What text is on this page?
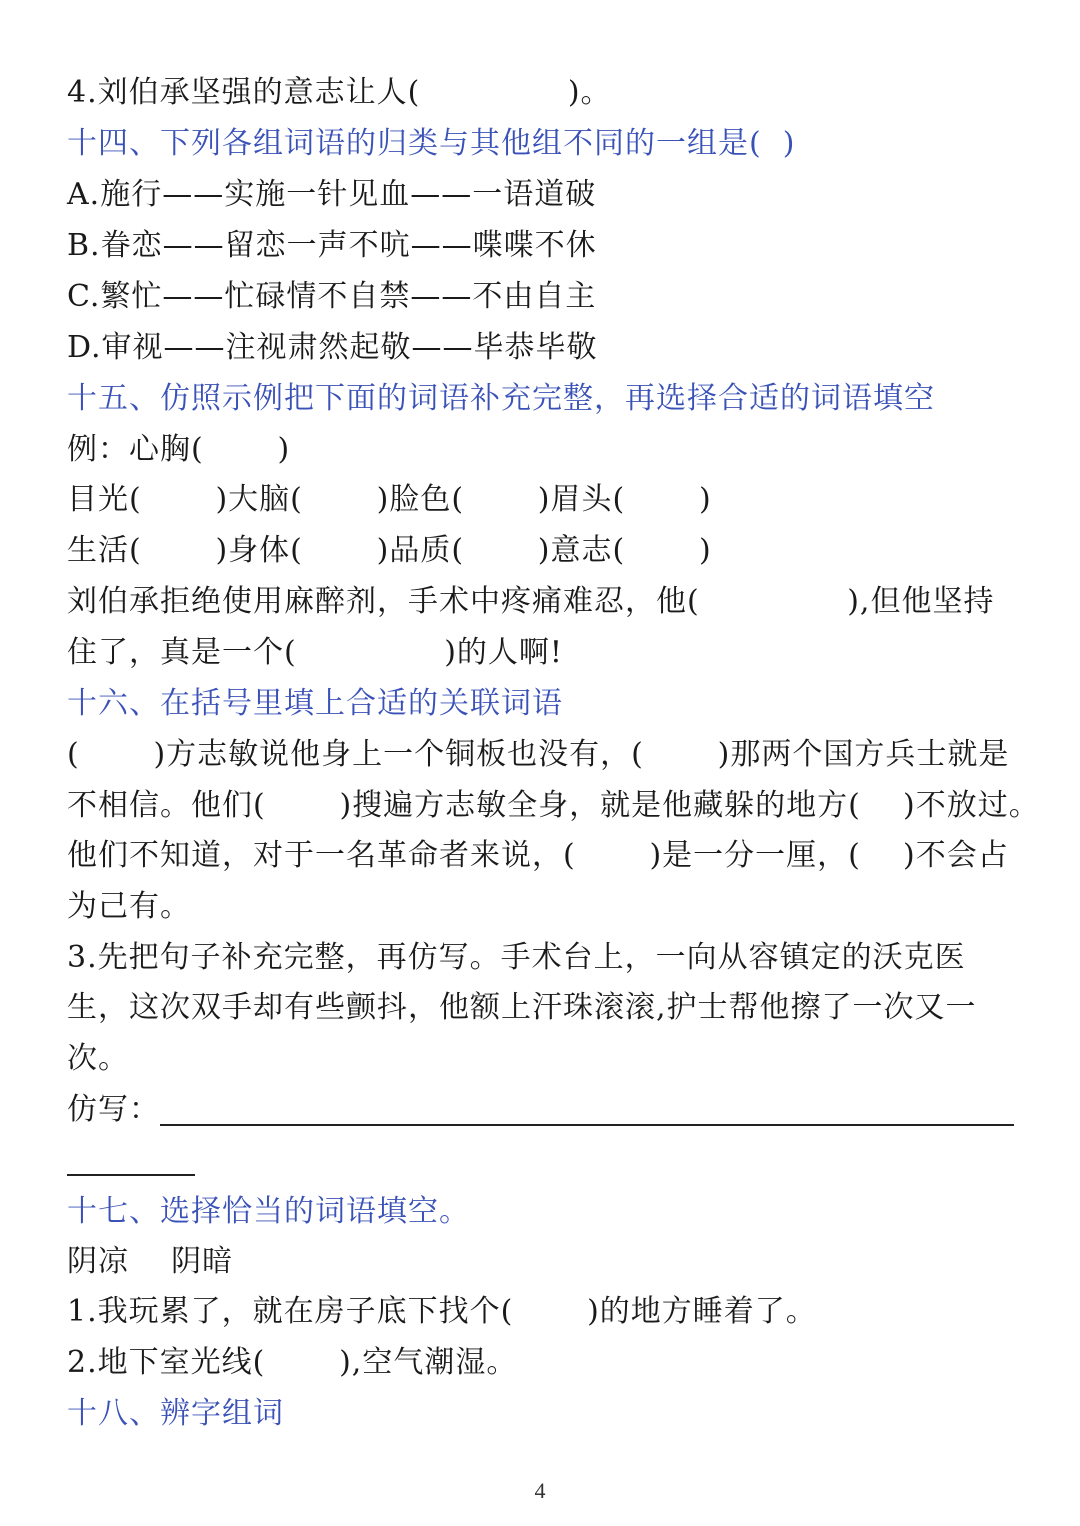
4.刘伯承坚强的意志让人(              )。
十四、下列各组词语的归类与其他组不同的一组是(  )
A.施行——实施一针见血——一语道破
B.眷恋——留恋一声不吭——喋喋不休
C.繁忙——忙碌情不自禁——不由自主
D.审视——注视肃然起敬——毕恭毕敬
十五、仿照示例把下面的词语补充完整，再选择合适的词语填空
例：心胸(       )
目光(       )大脑(       )脸色(       )眉头(       )
生活(       )身体(       )品质(       )意志(       )
刘伯承拒绝使用麻醉剂，手术中疼痛难忍，他(              ),但他坚持
住了，真是一个(              )的人啊!
十六、在括号里填上合适的关联词语
(       )方志敏说他身上一个铜板也没有，(       )那两个国方兵士就是
不相信。他们(       )搜遍方志敏全身，就是他藏躲的地方(    )不放过。
他们不知道，对于一名革命者来说，(       )是一分一厘，(    )不会占
为己有。
3.先把句子补充完整，再仿写。手术台上，一向从容镇定的沃克医
生，这次双手却有些颤抖，他额上汗珠滚滚,护士帮他擦了一次又一
次。
仿写：
十七、选择恰当的词语填空。
阴凉    阴暗
1.我玩累了，就在房子底下找个(       )的地方睡着了。
2.地下室光线(       ),空气潮湿。
十八、辨字组词
4
